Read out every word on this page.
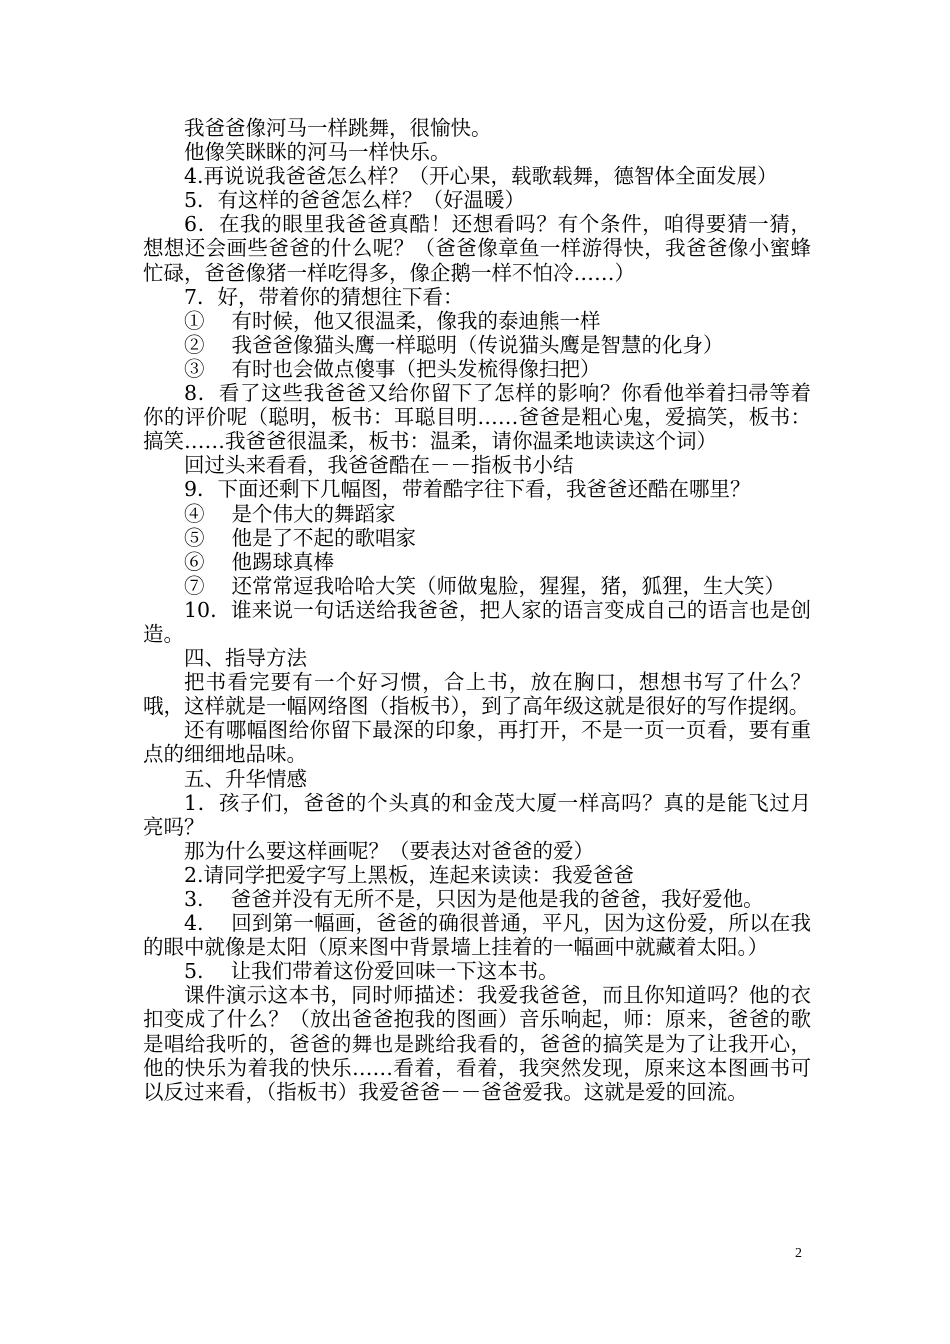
我爸爸像河马一样跳舞，很愉快。

他像笑眯眯的河马一样快乐。

4.再说说我爸爸怎么样？（开心果，载歌载舞，德智体全面发展）

5．有这样的爸爸怎么样？（好温暖）

6．在我的眼里我爸爸真酷！还想看吗？有个条件，咱得要猜一猜，想想还会画些爸爸的什么呢？（爸爸像章鱼一样游得快，我爸爸像小蜜蜂忙碌，爸爸像猪一样吃得多，像企鹅一样不怕冷……）

7．好，带着你的猜想往下看：

①　 有时候，他又很温柔，像我的泰迪熊一样

②　 我爸爸像猫头鹰一样聪明（传说猫头鹰是智慧的化身）

③　 有时也会做点傻事（把头发梳得像扫把）

8．看了这些我爸爸又给你留下了怎样的影响？你看他举着扫帚等着你的评价呢（聪明，板书：耳聪目明……爸爸是粗心鬼，爱搞笑，板书：搞笑……我爸爸很温柔，板书：温柔，请你温柔地读读这个词）

回过头来看看，我爸爸酷在－－指板书小结

9．下面还剩下几幅图，带着酷字往下看，我爸爸还酷在哪里？

④　 是个伟大的舞蹈家

⑤　 他是了不起的歌唱家

⑥　 他踢球真棒

⑦　 还常常逗我哈哈大笑（师做鬼脸，猩猩，猪，狐狸，生大笑）

10．谁来说一句话送给我爸爸，把人家的语言变成自己的语言也是创造。

四、指导方法

把书看完要有一个好习惯，合上书，放在胸口，想想书写了什么？哦，这样就是一幅网络图（指板书），到了高年级这就是很好的写作提纲。

还有哪幅图给你留下最深的印象，再打开，不是一页一页看，要有重点的细细地品味。

五、升华情感

1．孩子们，爸爸的个头真的和金茂大厦一样高吗？真的是能飞过月亮吗？

那为什么要这样画呢？（要表达对爸爸的爱）

2.请同学把爱字写上黑板，连起来读读：我爱爸爸

3.　 爸爸并没有无所不是，只因为是他是我的爸爸，我好爱他。

4.　 回到第一幅画，爸爸的确很普通，平凡，因为这份爱，所以在我的眼中就像是太阳（原来图中背景墙上挂着的一幅画中就藏着太阳。）

5.　 让我们带着这份爱回味一下这本书。

课件演示这本书，同时师描述：我爱我爸爸，而且你知道吗？他的衣扣变成了什么？（放出爸爸抱我的图画）音乐响起，师：原来，爸爸的歌是唱给我听的，爸爸的舞也是跳给我看的，爸爸的搞笑是为了让我开心，他的快乐为着我的快乐……看着，看着，我突然发现，原来这本图画书可以反过来看，（指板书）我爱爸爸－－爸爸爱我。这就是爱的回流。

2
